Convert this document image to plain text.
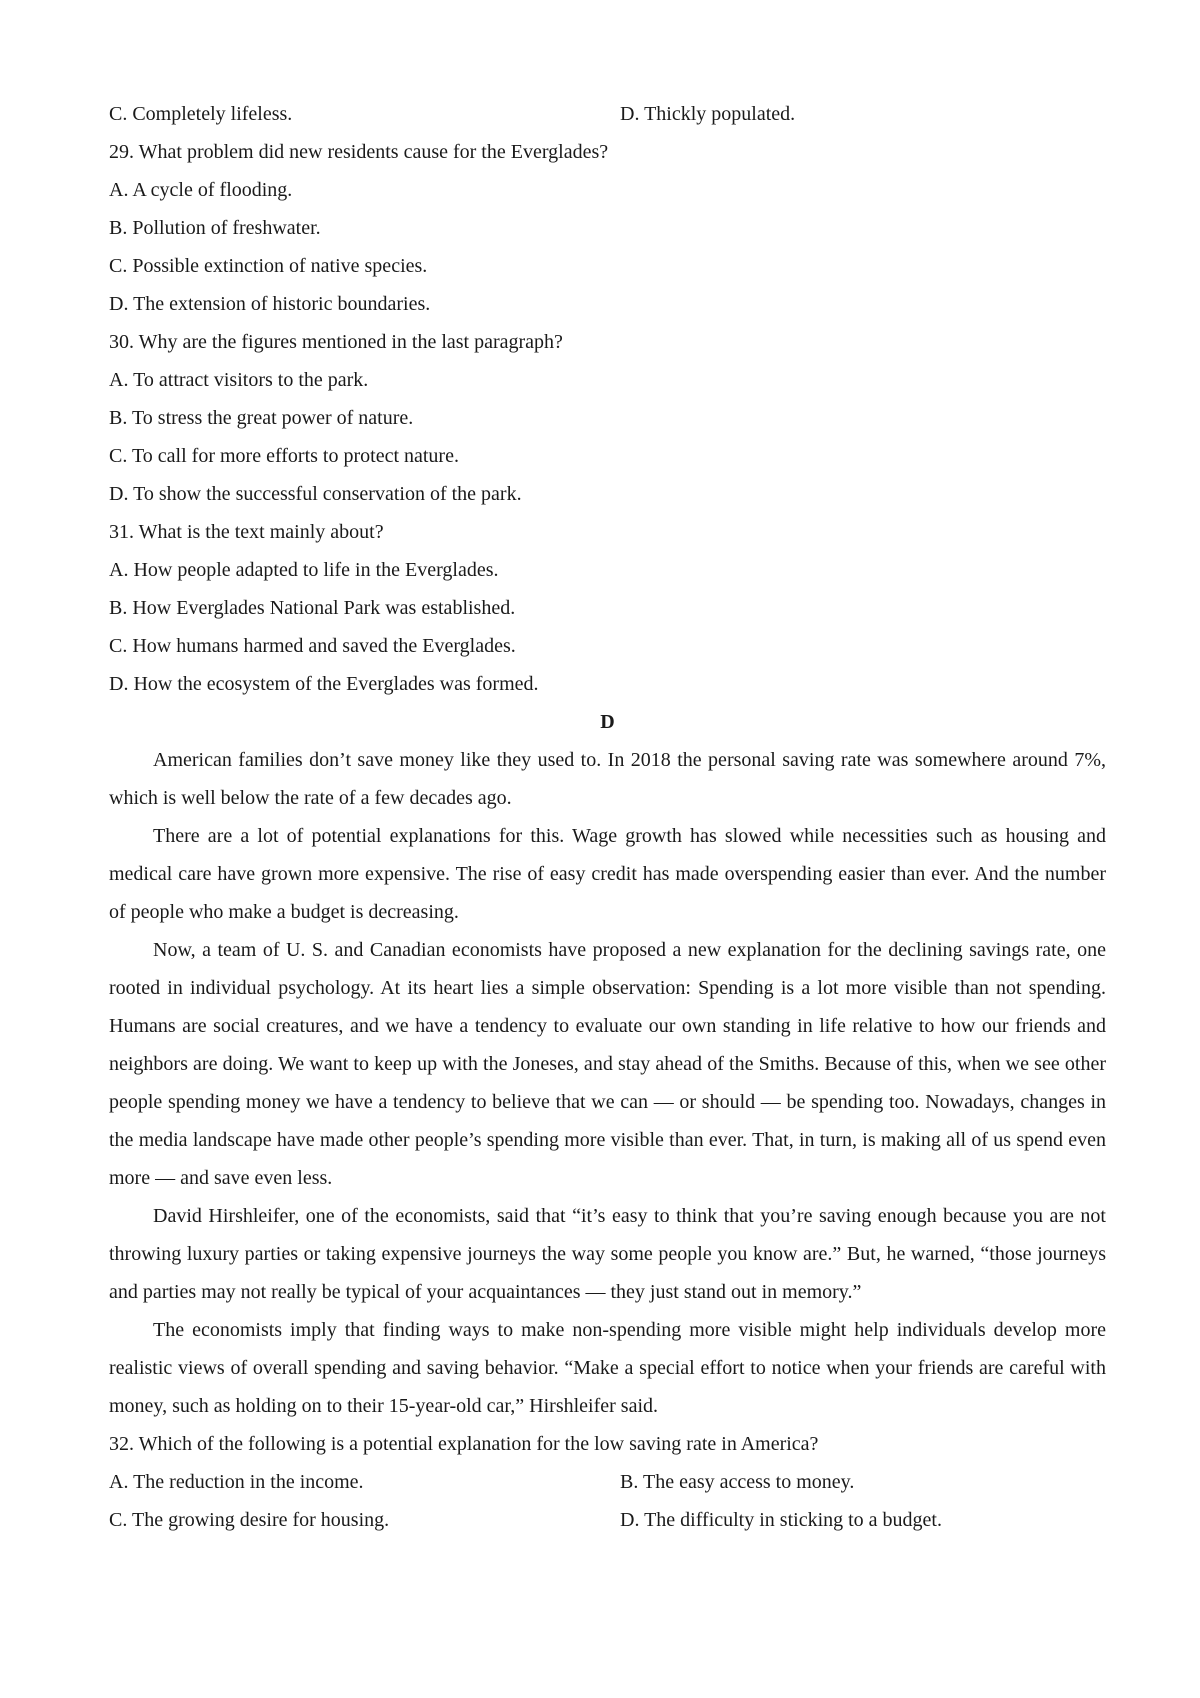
C. Completely lifeless.	D. Thickly populated.
29. What problem did new residents cause for the Everglades?
A. A cycle of flooding.
B. Pollution of freshwater.
C. Possible extinction of native species.
D. The extension of historic boundaries.
30. Why are the figures mentioned in the last paragraph?
A. To attract visitors to the park.
B. To stress the great power of nature.
C. To call for more efforts to protect nature.
D. To show the successful conservation of the park.
31. What is the text mainly about?
A. How people adapted to life in the Everglades.
B. How Everglades National Park was established.
C. How humans harmed and saved the Everglades.
D. How the ecosystem of the Everglades was formed.
D

American families don’t save money like they used to. In 2018 the personal saving rate was somewhere around 7%, which is well below the rate of a few decades ago.

There are a lot of potential explanations for this. Wage growth has slowed while necessities such as housing and medical care have grown more expensive. The rise of easy credit has made overspending easier than ever. And the number of people who make a budget is decreasing.

Now, a team of U. S. and Canadian economists have proposed a new explanation for the declining savings rate, one rooted in individual psychology. At its heart lies a simple observation: Spending is a lot more visible than not spending. Humans are social creatures, and we have a tendency to evaluate our own standing in life relative to how our friends and neighbors are doing. We want to keep up with the Joneses, and stay ahead of the Smiths. Because of this, when we see other people spending money we have a tendency to believe that we can — or should — be spending too. Nowadays, changes in the media landscape have made other people’s spending more visible than ever. That, in turn, is making all of us spend even more — and save even less.

David Hirshleifer, one of the economists, said that “it’s easy to think that you’re saving enough because you are not throwing luxury parties or taking expensive journeys the way some people you know are.” But, he warned, “those journeys and parties may not really be typical of your acquaintances — they just stand out in memory.”

The economists imply that finding ways to make non-spending more visible might help individuals develop more realistic views of overall spending and saving behavior. “Make a special effort to notice when your friends are careful with money, such as holding on to their 15-year-old car,” Hirshleifer said.

32. Which of the following is a potential explanation for the low saving rate in America?
A. The reduction in the income.	B. The easy access to money.
C. The growing desire for housing.	D. The difficulty in sticking to a budget.
